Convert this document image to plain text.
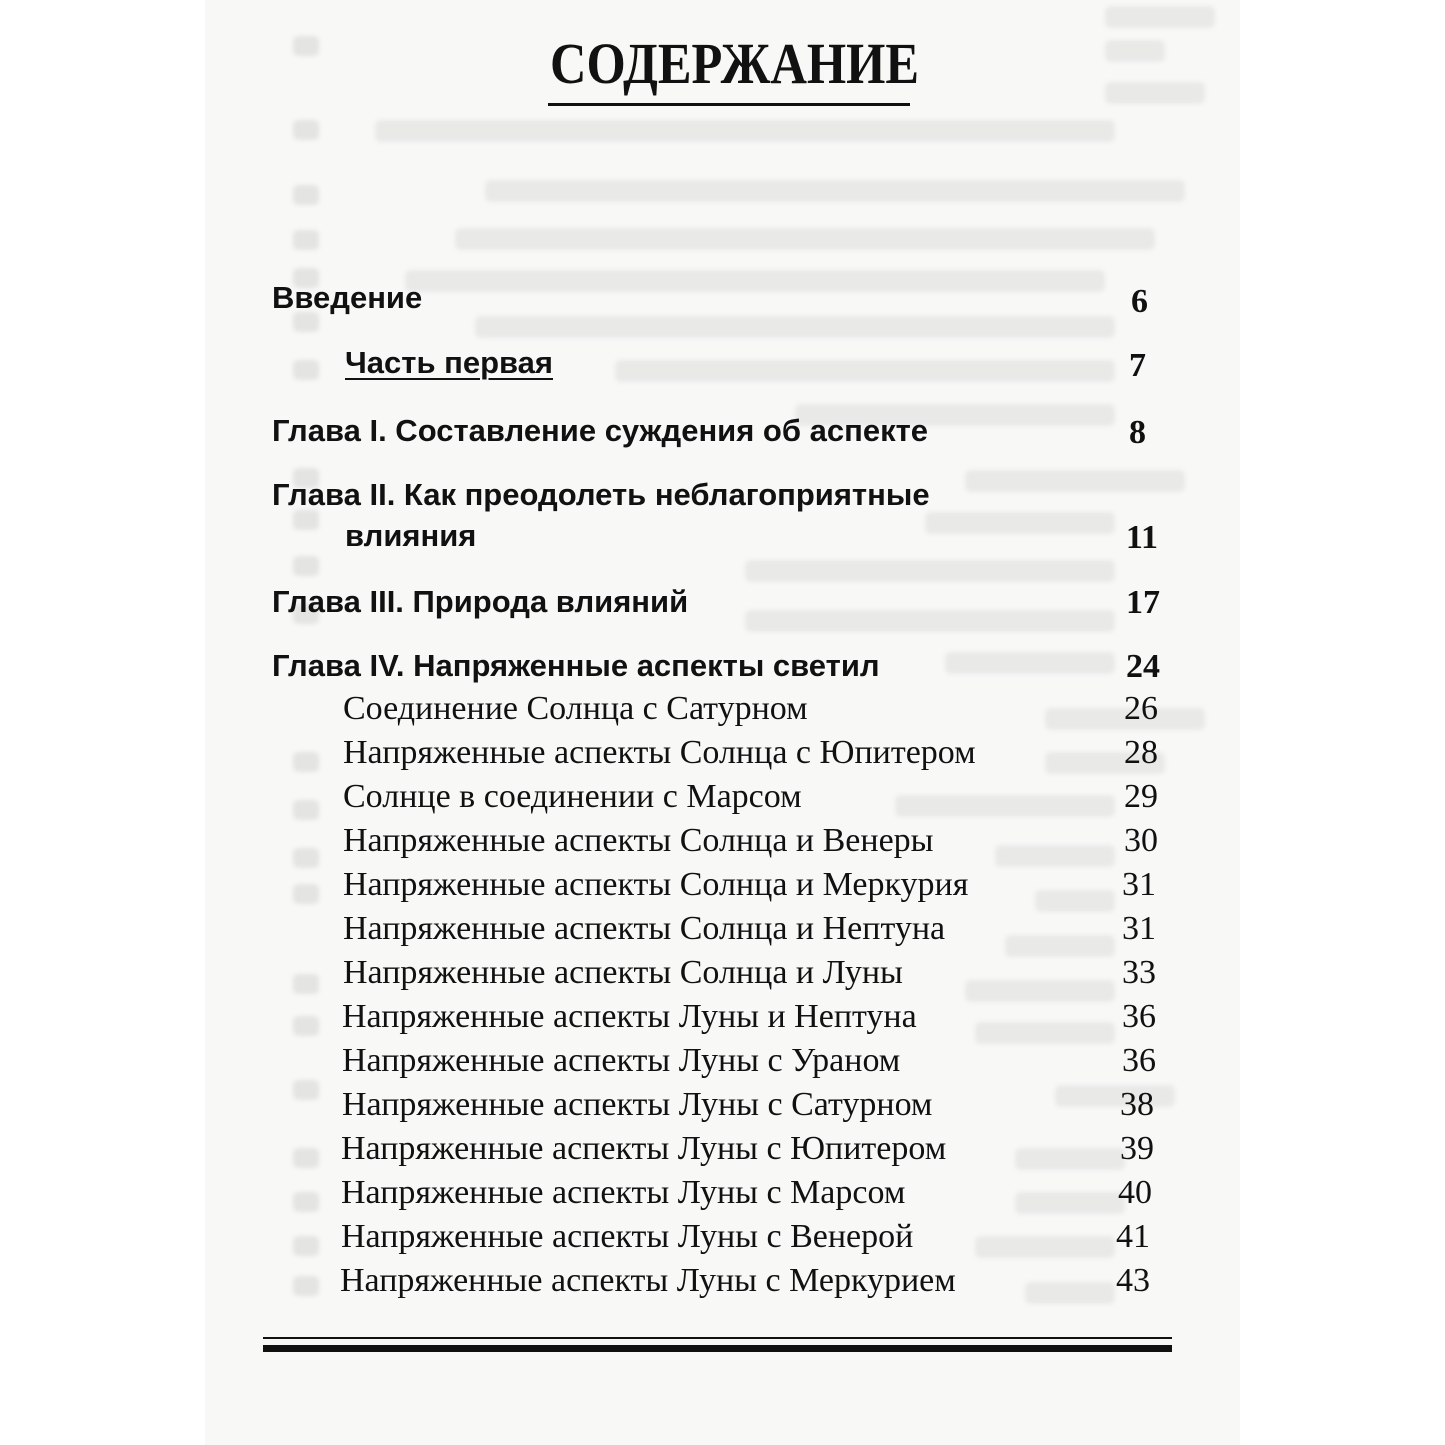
СОДЕРЖАНИЕ
Введение	6
Часть первая	7
Глава I. Составление суждения об аспекте	8
Глава II. Как преодолеть неблагоприятные
влияния	11
Глава III. Природа влияний	17
Глава IV. Напряженные аспекты светил	24
Соединение Солнца с Сатурном	26
Напряженные аспекты Солнца с Юпитером	28
Солнце в соединении с Марсом	29
Напряженные аспекты Солнца и Венеры	30
Напряженные аспекты Солнца и Меркурия	31
Напряженные аспекты Солнца и Нептуна	31
Напряженные аспекты Солнца и Луны	33
Напряженные аспекты Луны и Нептуна	36
Напряженные аспекты Луны с Ураном	36
Напряженные аспекты Луны с Сатурном	38
Напряженные аспекты Луны с Юпитером	39
Напряженные аспекты Луны с Марсом	40
Напряженные аспекты Луны с Венерой	41
Напряженные аспекты Луны с Меркурием	43
